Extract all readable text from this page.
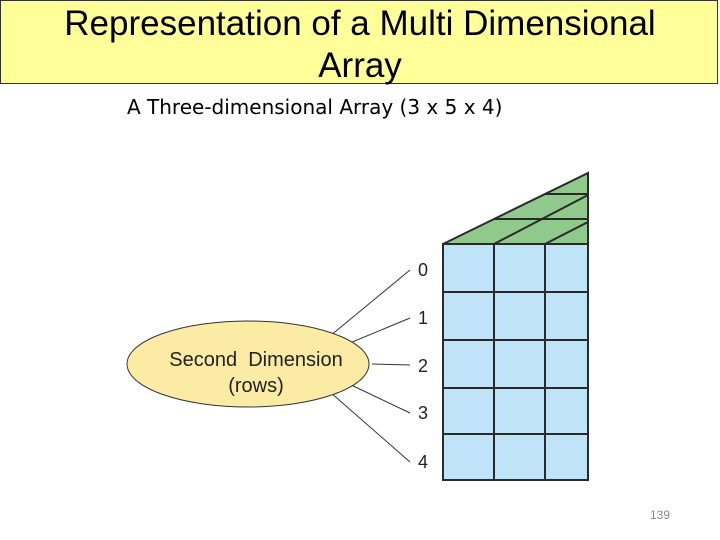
Representation of a Multi Dimensional
Array
A Three-dimensional Array (3 x 5 x 4)
Second  Dimension
(rows)
0
1
2
3
4
139
